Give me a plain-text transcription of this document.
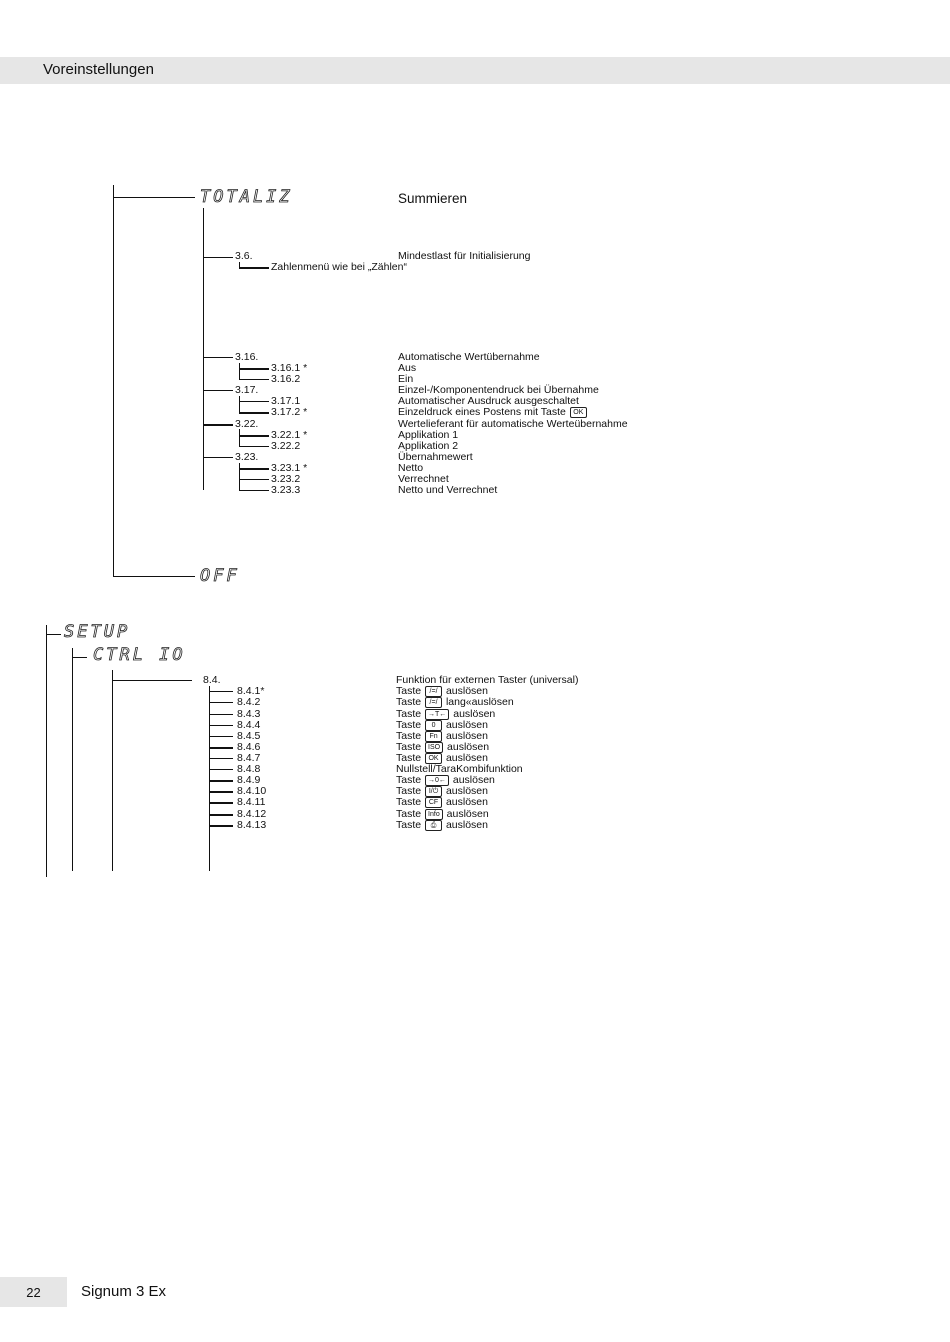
Voreinstellungen
22	Signum 3 Ex
TOTALIZ	Summieren
3.6.	Mindestlast für Initialisierung
Zahlenmenü wie bei „Zählen“
3.16.	Automatische Wertübernahme
3.16.1 *	Aus
3.16.2	Ein
3.17.	Einzel-/Komponentendruck bei Übernahme
3.17.1	Automatischer Ausdruck ausgeschaltet
3.17.2 *	Einzeldruck eines Postens mit Taste OK
3.22.	Wertelieferant für automatische Werteübernahme
3.22.1 *	Applikation 1
3.22.2	Applikation 2
3.23.	Übernahmewert
3.23.1 *	Netto
3.23.2	Verrechnet
3.23.3	Netto und Verrechnet
OFF
SETUP
CTRL IO
8.4.	Funktion für externen Taster (universal)
8.4.1*	Taste /=/ auslösen
8.4.2	Taste /=/ lang«auslösen
8.4.3	Taste →T← auslösen
8.4.4	Taste 0 auslösen
8.4.5	Taste Fn auslösen
8.4.6	Taste ISO auslösen
8.4.7	Taste OK auslösen
8.4.8	Nullstell/TaraKombifunktion
8.4.9	Taste →0← auslösen
8.4.10	Taste I/⏻ auslösen
8.4.11	Taste CF auslösen
8.4.12	Taste Info auslösen
8.4.13	Taste ⎙ auslösen
